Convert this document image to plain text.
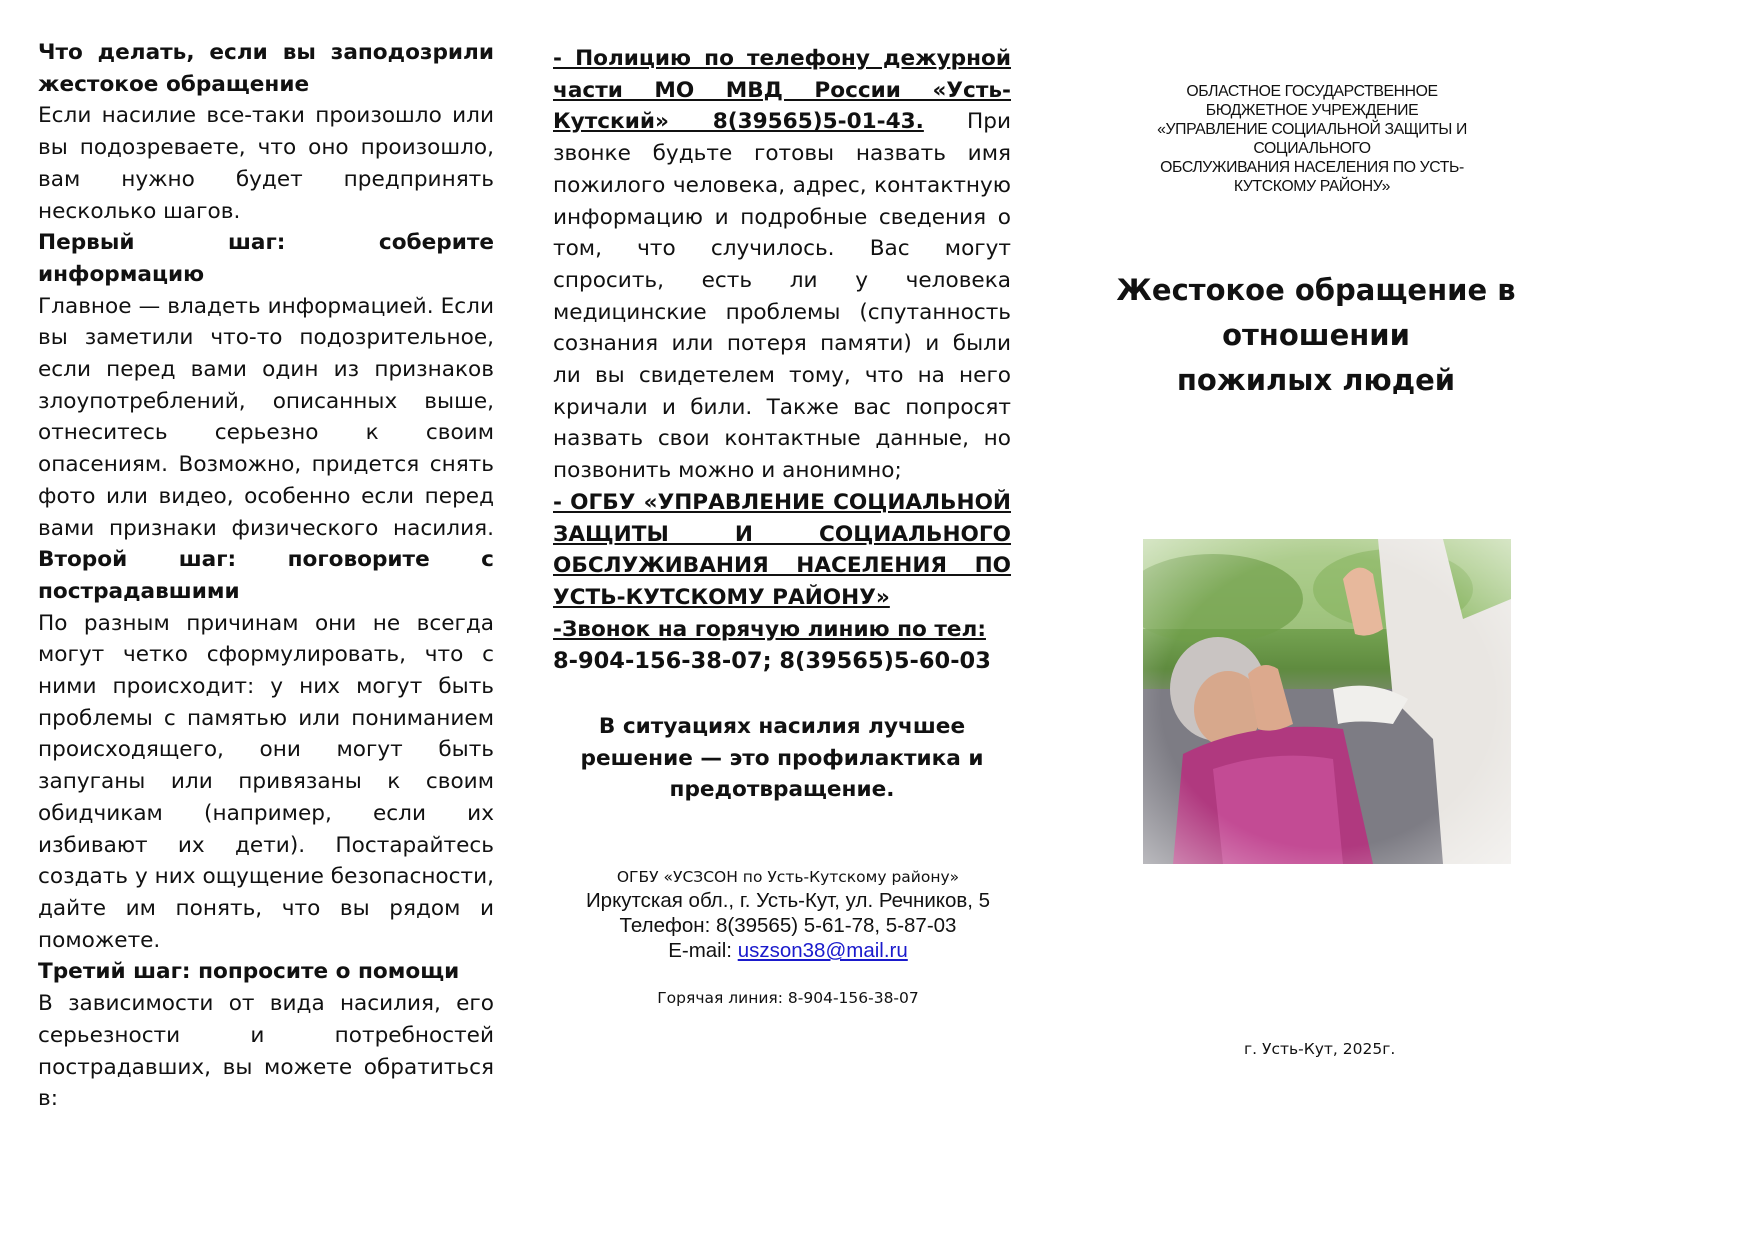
Что делать, если вы заподозрили жестокое обращение

Если насилие все-таки произошло или вы подозреваете, что оно произошло, вам нужно будет предпринять несколько шагов.

Первый шаг: соберите информацию

Главное — владеть информацией. Если вы заметили что-то подозрительное, если перед вами один из признаков злоупотреблений, описанных выше, отнеситесь серьезно к своим опасениям. Возможно, придется снять фото или видео, особенно если перед вами признаки физического насилия. Второй шаг: поговорите с пострадавшими

По разным причинам они не всегда могут четко сформулировать, что с ними происходит: у них могут быть проблемы с памятью или пониманием происходящего, они могут быть запуганы или привязаны к своим обидчикам (например, если их избивают их дети). Постарайтесь создать у них ощущение безопасности, дайте им понять, что вы рядом и поможете.

Третий шаг: попросите о помощи

В зависимости от вида насилия, его серьезности и потребностей пострадавших, вы можете обратиться в:

- Полицию по телефону дежурной части МО МВД России «Усть-Кутский» 8(39565)5-01-43. При звонке будьте готовы назвать имя пожилого человека, адрес, контактную информацию и подробные сведения о том, что случилось. Вас могут спросить, есть ли у человека медицинские проблемы (спутанность сознания или потеря памяти) и были ли вы свидетелем тому, что на него кричали и били. Также вас попросят назвать свои контактные данные, но позвонить можно и анонимно;

- ОГБУ «УПРАВЛЕНИЕ СОЦИАЛЬНОЙ ЗАЩИТЫ И СОЦИАЛЬНОГО ОБСЛУЖИВАНИЯ НАСЕЛЕНИЯ ПО УСТЬ-КУТСКОМУ РАЙОНУ»

-Звонок на горячую линию по тел:

8-904-156-38-07; 8(39565)5-60-03

В ситуациях насилия лучшее решение — это профилактика и предотвращение.

ОГБУ «УСЗСОН по Усть-Кутскому району»
Иркутская обл., г. Усть-Кут, ул. Речников, 5 Телефон: 8(39565) 5-61-78, 5-87-03
E-mail: uszson38@mail.ru
Горячая линия: 8-904-156-38-07
ОБЛАСТНОЕ ГОСУДАРСТВЕННОЕ
БЮДЖЕТНОЕ УЧРЕЖДЕНИЕ
«УПРАВЛЕНИЕ СОЦИАЛЬНОЙ ЗАЩИТЫ И
СОЦИАЛЬНОГО
ОБСЛУЖИВАНИЯ НАСЕЛЕНИЯ ПО УСТЬ-
КУТСКОМУ РАЙОНУ»
Жестокое обращение в
отношении
пожилых людей
г. Усть-Кут, 2025г.
